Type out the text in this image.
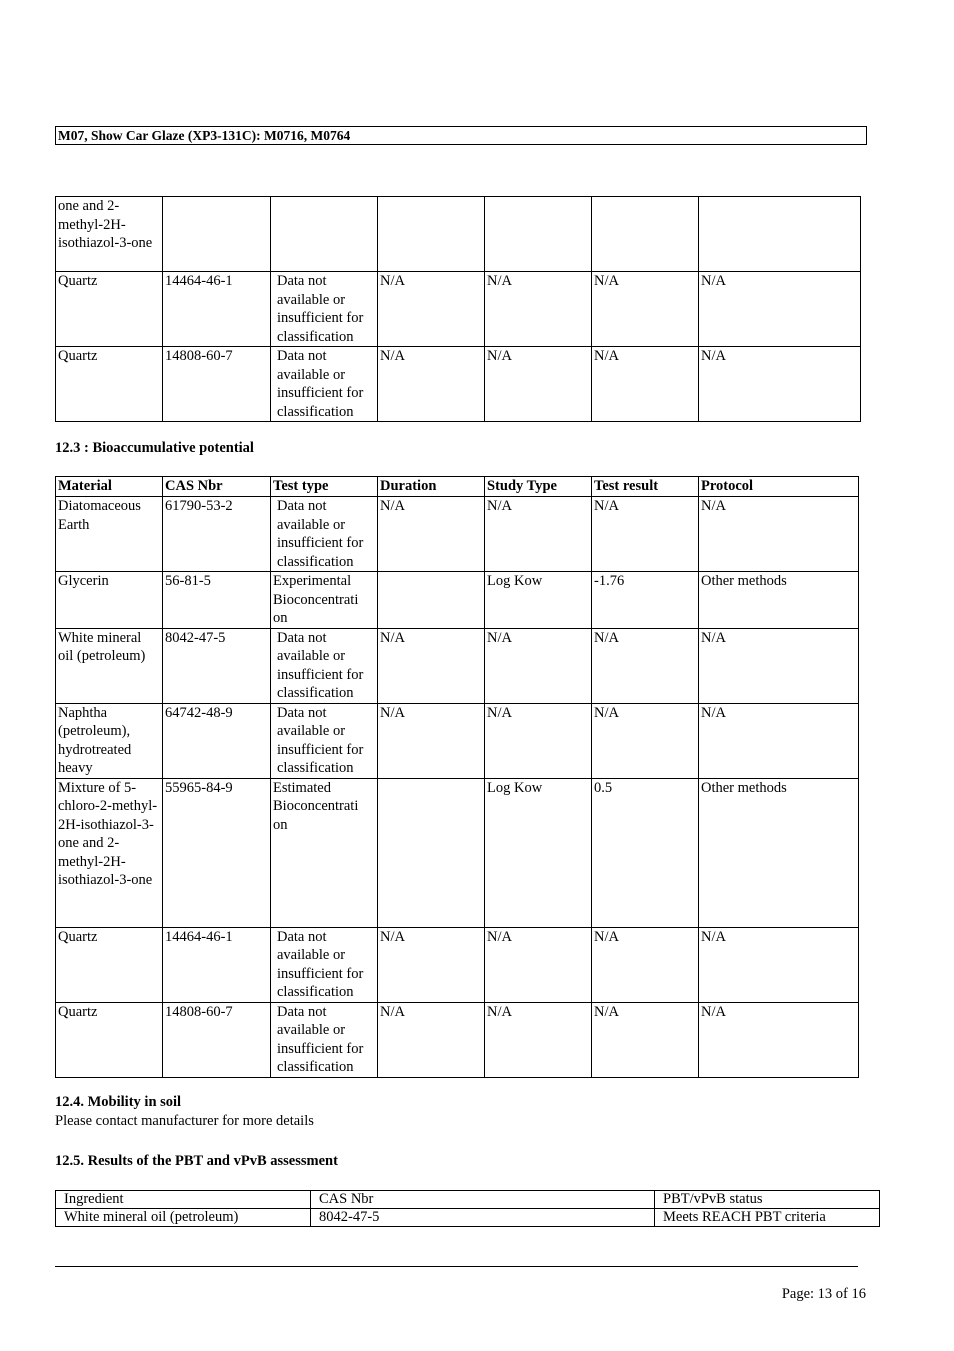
M07, Show Car Glaze (XP3-131C): M0716, M0764
one and 2-methyl-2H-isothiazol-3-one						
Quartz	14464-46-1	Data not available or insufficient for classification	N/A	N/A	N/A	N/A
Quartz	14808-60-7	Data not available or insufficient for classification	N/A	N/A	N/A	N/A
12.3 : Bioaccumulative potential
Material	CAS Nbr	Test type	Duration	Study Type	Test result	Protocol
Diatomaceous Earth	61790-53-2	Data not available or insufficient for classification	N/A	N/A	N/A	N/A
Glycerin	56-81-5	Experimental Bioconcentrati on		Log Kow	-1.76	Other methods
White mineral oil (petroleum)	8042-47-5	Data not available or insufficient for classification	N/A	N/A	N/A	N/A
Naphtha (petroleum), hydrotreated heavy	64742-48-9	Data not available or insufficient for classification	N/A	N/A	N/A	N/A
Mixture of 5-chloro-2-methyl-2H-isothiazol-3-one and 2-methyl-2H-isothiazol-3-one	55965-84-9	Estimated Bioconcentrati on		Log Kow	0.5	Other methods
Quartz	14464-46-1	Data not available or insufficient for classification	N/A	N/A	N/A	N/A
Quartz	14808-60-7	Data not available or insufficient for classification	N/A	N/A	N/A	N/A
12.4. Mobility in soil
Please contact manufacturer for more details
12.5. Results of the PBT and vPvB assessment
Ingredient	CAS Nbr	PBT/vPvB status
White mineral oil (petroleum)	8042-47-5	Meets REACH PBT criteria
Page: 13 of 16
